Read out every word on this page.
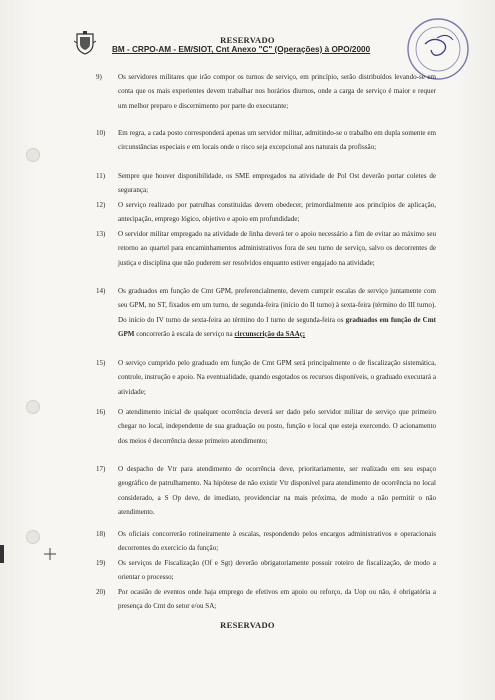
RESERVADO
BM - CRPO-AM - EM/SIOT, Cnt Anexo "C" (Operações) à OPO/2000
9)	Os servidores militares que irão compor os turnos de serviço, em princípio, serão distribuídos levando-se em conta que os mais experientes devem trabalhar nos horários diurnos, onde a carga de serviço é maior e requer um melhor preparo e discernimento por parte do executante;
10)	Em regra, a cada posto corresponderá apenas um servidor militar, admitindo-se o trabalho em dupla somente em circunstâncias especiais e em locais onde o risco seja excepcional aos naturais da profissão;
11)	Sempre que houver disponibilidade, os SME empregados na atividade de Pol Ost deverão portar coletes de segurança;
12)	O serviço realizado por patrulhas constituídas devem obedecer, primordialmente aos princípios de aplicação, antecipação, emprego lógico, objetivo e apoio em profundidade;
13)	O servidor militar empregado na atividade de linha deverá ter o apoio necessário a fim de evitar ao máximo seu retorno ao quartel para encaminhamentos administrativos fora de seu turno de serviço, salvo os decorrentes de justiça e disciplina que não puderem ser resolvidos enquanto estiver engajado na atividade;
14)	Os graduados em função de Cmt GPM, preferencialmente, devem cumprir escalas de serviço juntamente com seu GPM, no ST, fixados em um turno, de segunda-feira (início do II turno) à sexta-feira (término do III turno). Do início do IV turno de sexta-feira ao término do I turno de segunda-feira os graduados em função de Cmt GPM concorrerão à escala de serviço na circunscrição da SAAç;
15)	O serviço cumprido pelo graduado em função de Cmt GPM será principalmente o de fiscalização sistemática, controle, instrução e apoio. Na eventualidade, quando esgotados os recursos disponíveis, o graduado executará a atividade;
16)	O atendimento inicial de qualquer ocorrência deverá ser dado pelo servidor militar de serviço que primeiro chegar no local, independente de sua graduação ou posto, função e local que esteja exercendo. O acionamento dos meios é decorrência desse primeiro atendimento;
17)	O despacho de Vtr para atendimento de ocorrência deve, prioritariamente, ser realizado em seu espaço geográfico de patrulhamento. Na hipótese de não existir Vtr disponível para atendimento de ocorrência no local considerado, a S Op deve, de imediato, providenciar na mais próxima, de modo a não permitir o não atendimento.
18)	Os oficiais concorrerão rotineiramente à escalas, respondendo pelos encargos administrativos e operacionais decorrentes do exercício da função;
19)	Os serviços de Fiscalização (Of e Sgt) deverão obrigatoriamente possuir roteiro de fiscalização, de modo a orientar o processo;
20)	Por ocasião de eventos onde haja emprego de efetivos em apoio ou reforço, da Uop ou não, é obrigatória a presença do Cmt do setor e/ou SA;
RESERVADO
